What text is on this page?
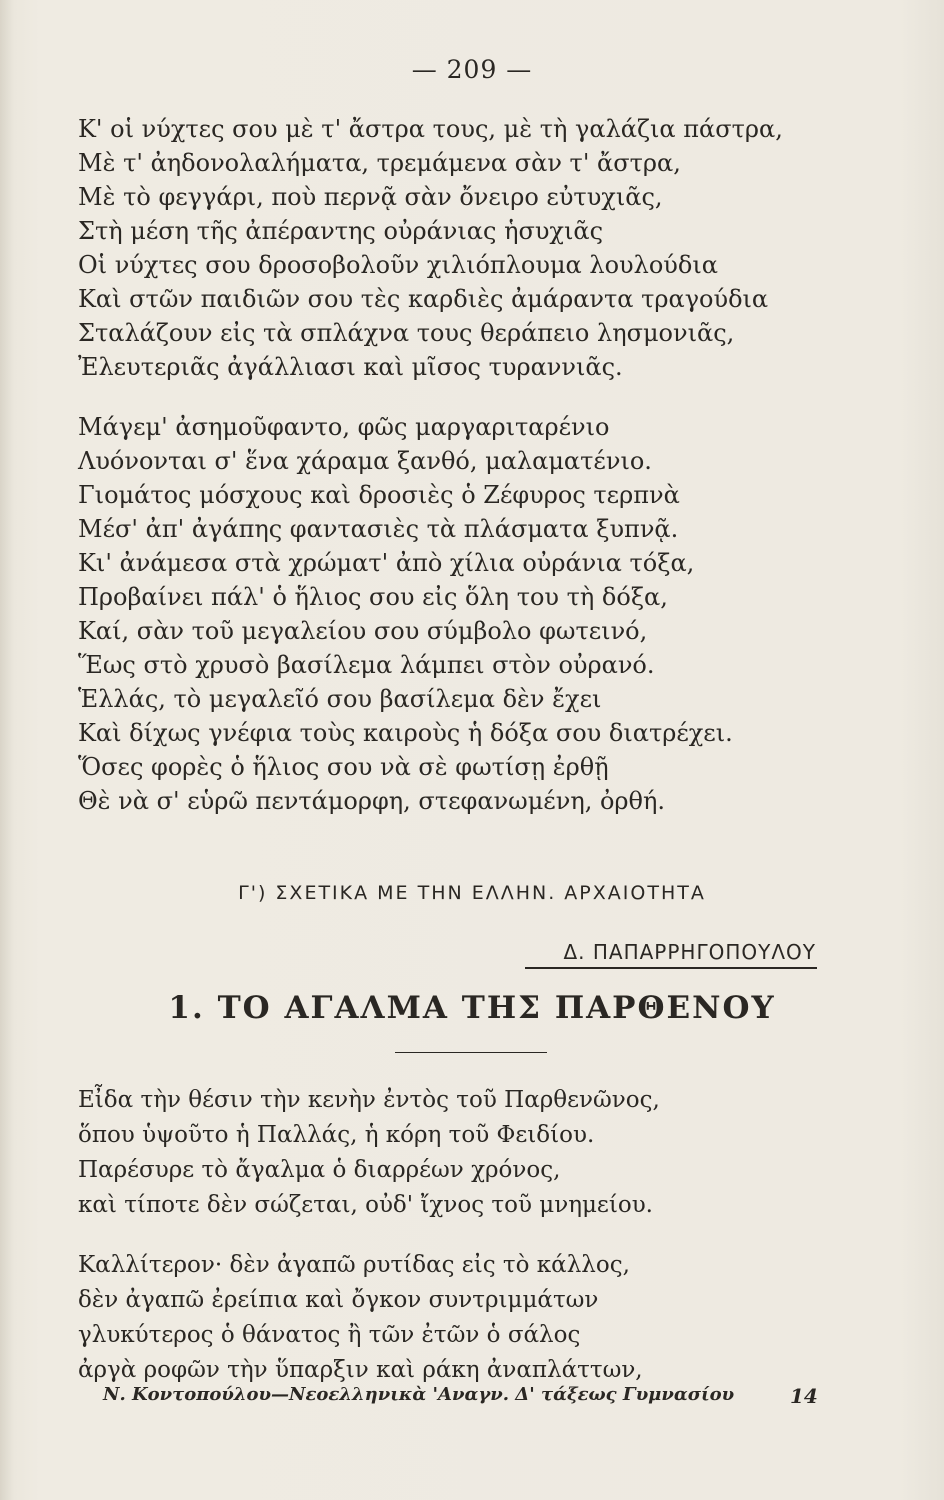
— 209 —
Κ' οἱ νύχτες σου μὲ τ' ἄστρα τους, μὲ τὴ γαλάζια πάστρα,
Μὲ τ' ἀηδονολαλήματα, τρεμάμενα σὰν τ' ἄστρα,
Μὲ τὸ φεγγάρι, ποὺ περνᾷ σὰν ὄνειρο εὐτυχιᾶς,
Στὴ μέση τῆς ἀπέραντης οὐράνιας ἡσυχιᾶς
Οἱ νύχτες σου δροσοβολοῦν χιλιόπλουμα λουλούδια
Καὶ στῶν παιδιῶν σου τὲς καρδιὲς ἀμάραντα τραγούδια
Σταλάζουν εἰς τὰ σπλάχνα τους θεράπειο λησμονιᾶς,
Ἐλευτεριᾶς ἀγάλλιασι καὶ μῖσος τυραννιᾶς.
Μάγεμ' ἀσημοῦφαντο, φῶς μαργαριταρένιο
Λυόνονται σ' ἕνα χάραμα ξανθό, μαλαματένιο.
Γιομάτος μόσχους καὶ δροσιὲς ὁ Ζέφυρος τερπνὰ
Μέσ' ἀπ' ἀγάπης φαντασιὲς τὰ πλάσματα ξυπνᾷ.
Κι' ἀνάμεσα στὰ χρώματ' ἀπὸ χίλια οὐράνια τόξα,
Προβαίνει πάλ' ὁ ἥλιος σου εἰς ὅλη του τὴ δόξα,
Καί, σὰν τοῦ μεγαλείου σου σύμβολο φωτεινό,
Ἕως στὸ χρυσὸ βασίλεμα λάμπει στὸν οὐρανό.
Ἑλλάς, τὸ μεγαλεῖό σου βασίλεμα δὲν ἔχει
Καὶ δίχως γνέφια τοὺς καιροὺς ἡ δόξα σου διατρέχει.
Ὅσες φορὲς ὁ ἥλιος σου νὰ σὲ φωτίσῃ ἐρθῇ
Θὲ νὰ σ' εὑρῶ πεντάμορφη, στεφανωμένη, ὀρθή.
Γ') ΣΧΕΤΙΚΑ ΜΕ ΤΗΝ ΕΛΛΗΝ. ΑΡΧΑΙΟΤΗΤΑ
Δ. ΠΑΠΑΡΡΗΓΟΠΟΥΛΟΥ
1. ΤΟ ΑΓΑΛΜΑ ΤΗΣ ΠΑΡΘΕΝΟΥ
Εἶδα τὴν θέσιν τὴν κενὴν ἐντὸς τοῦ Παρθενῶνος,
ὅπου ὑψοῦτο ἡ Παλλάς, ἡ κόρη τοῦ Φειδίου.
Παρέσυρε τὸ ἄγαλμα ὁ διαρρέων χρόνος,
καὶ τίποτε δὲν σώζεται, οὐδ' ἴχνος τοῦ μνημείου.
Καλλίτερον· δὲν ἀγαπῶ ρυτίδας εἰς τὸ κάλλος,
δὲν ἀγαπῶ ἐρείπια καὶ ὄγκον συντριμμάτων
γλυκύτερος ὁ θάνατος ἢ τῶν ἐτῶν ὁ σάλος
ἀργὰ ροφῶν τὴν ὕπαρξιν καὶ ράκη ἀναπλάττων,
Ν. Κοντοπούλου—Νεοελληνικὰ 'Αναγν. Δ' τάξεως Γυμνασίου	14
